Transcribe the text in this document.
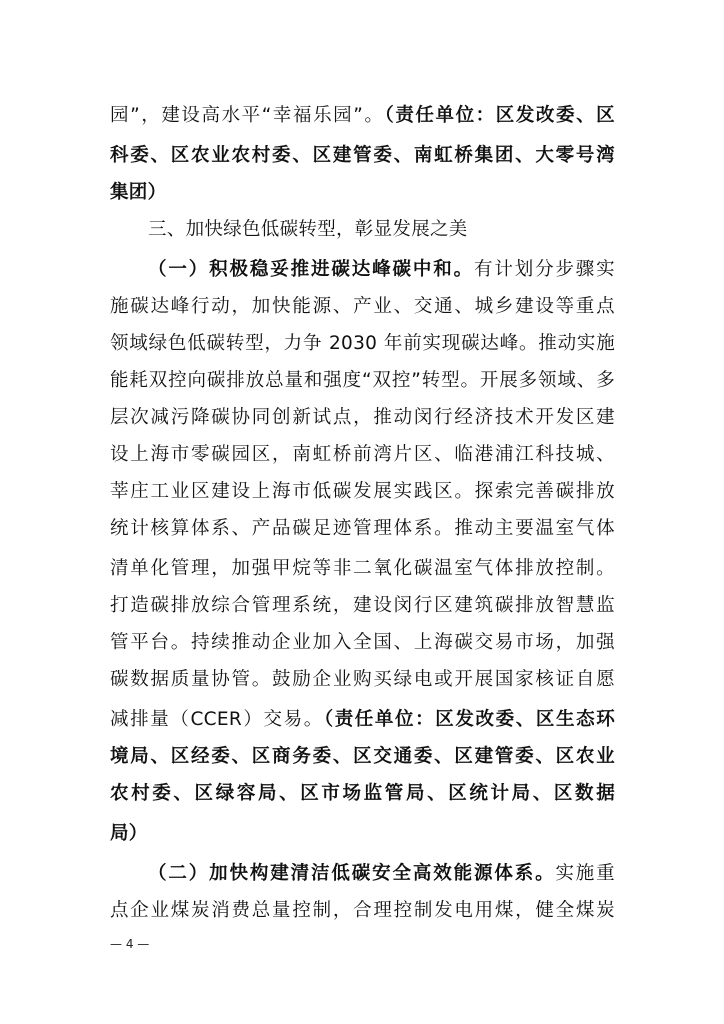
园”，建设高水平“幸福乐园”。（责任单位：区发改委、区
科委、区农业农村委、区建管委、南虹桥集团、大零号湾
集团）
三、加快绿色低碳转型，彰显发展之美
（一）积极稳妥推进碳达峰碳中和。有计划分步骤实
施碳达峰行动，加快能源、产业、交通、城乡建设等重点
领域绿色低碳转型，力争 2030 年前实现碳达峰。推动实施
能耗双控向碳排放总量和强度“双控”转型。开展多领域、多
层次减污降碳协同创新试点，推动闵行经济技术开发区建
设上海市零碳园区，南虹桥前湾片区、临港浦江科技城、
莘庄工业区建设上海市低碳发展实践区。探索完善碳排放
统计核算体系、产品碳足迹管理体系。推动主要温室气体
清单化管理，加强甲烷等非二氧化碳温室气体排放控制。
打造碳排放综合管理系统，建设闵行区建筑碳排放智慧监
管平台。持续推动企业加入全国、上海碳交易市场，加强
碳数据质量协管。鼓励企业购买绿电或开展国家核证自愿
减排量（CCER）交易。（责任单位：区发改委、区生态环
境局、区经委、区商务委、区交通委、区建管委、区农业
农村委、区绿容局、区市场监管局、区统计局、区数据
局）
（二）加快构建清洁低碳安全高效能源体系。实施重
点企业煤炭消费总量控制，合理控制发电用煤，健全煤炭
— 4 —
